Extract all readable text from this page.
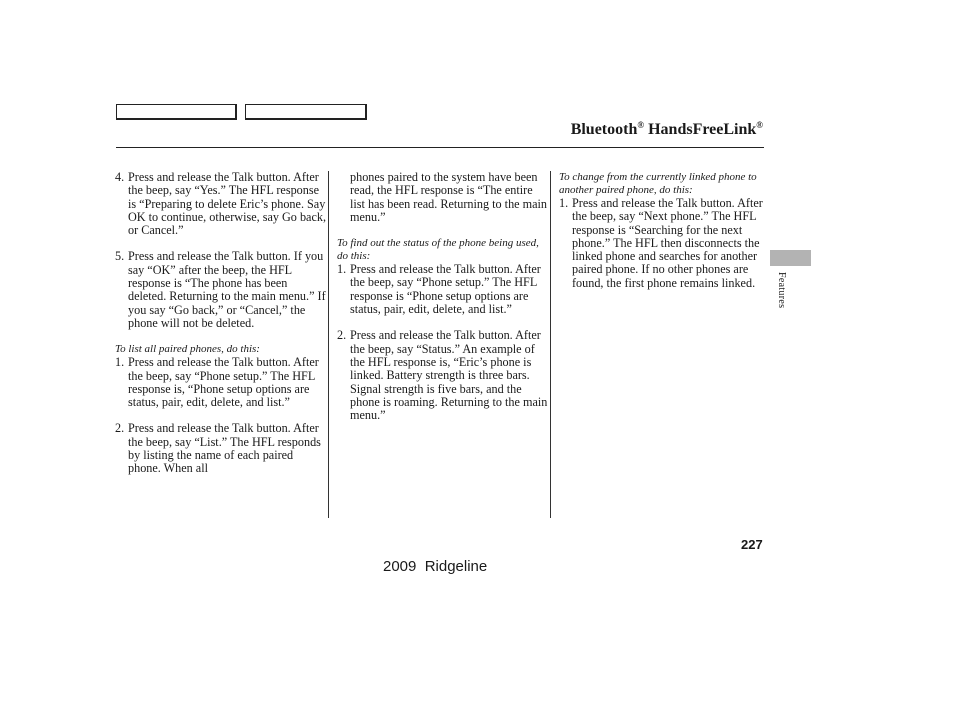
Bluetooth® HandsFreeLink®
4. Press and release the Talk button. After the beep, say “Yes.” The HFL response is “Preparing to delete Eric’s phone. Say OK to continue, otherwise, say Go back, or Cancel.”
5. Press and release the Talk button. If you say “OK” after the beep, the HFL response is “The phone has been deleted. Returning to the main menu.” If you say “Go back,” or “Cancel,” the phone will not be deleted.

To list all paired phones, do this:

1. Press and release the Talk button. After the beep, say “Phone setup.” The HFL response is, “Phone setup options are status, pair, edit, delete, and list.”
2. Press and release the Talk button. After the beep, say “List.” The HFL responds by listing the name of each paired phone. When all
phones paired to the system have been read, the HFL response is “The entire list has been read. Returning to the main menu.”

To find out the status of the phone being used, do this:

1. Press and release the Talk button. After the beep, say “Phone setup.” The HFL response is “Phone setup options are status, pair, edit, delete, and list.”
2. Press and release the Talk button. After the beep, say “Status.” An example of the HFL response is, “Eric’s phone is linked. Battery strength is three bars. Signal strength is five bars, and the phone is roaming. Returning to the main menu.”

To change from the currently linked phone to another paired phone, do this:

1. Press and release the Talk button. After the beep, say “Next phone.” The HFL response is “Searching for the next phone.” The HFL then disconnects the linked phone and searches for another paired phone. If no other phones are found, the first phone remains linked.	Features
227
2009  Ridgeline
